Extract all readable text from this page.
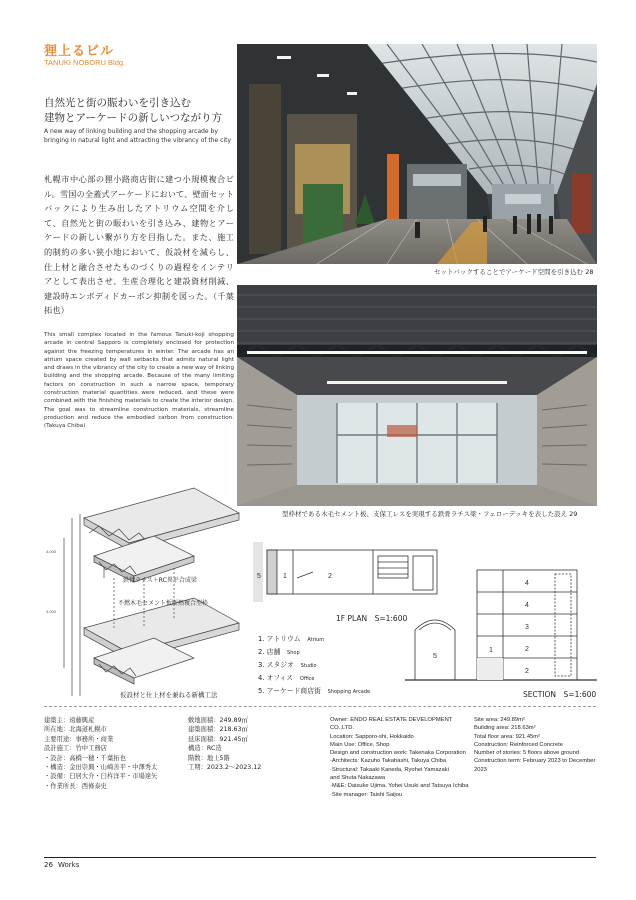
狸上るビル
TANUKI NOBORU Bldg.
自然光と街の賑わいを引き込む
建物とアーケードの新しいつながり方
A new way of linking building and the shopping arcade by bringing in natural light and attracting the vibrancy of the city
札幌市中心部の狸小路商店街に建つ小規模複合ビル。雪国の全蓋式アーケードにおいて、壁面セットバックにより生み出したアトリウム空間を介して、自然光と街の賑わいを引き込み、建物とアーケードの新しい繋がり方を目指した。また、施工的制約の多い狭小地において、仮設材を減らし、仕上材と融合させたものづくりの過程をインテリアとして表出させ、生産合理化と建設資材削減、建設時エンボディドカーボン抑制を図った。（千葉 拓也）
This small complex located in the famous Tanuki-koji shopping arcade in central Sapporo is completely enclosed for protection against the freezing temperatures in winter. The arcade has an atrium space created by wall setbacks that admits natural light and draws in the vibrancy of the city to create a new way of linking building and the shopping arcade. Because of the many limiting factors on construction in such a narrow space, temporary construction material quantities were reduced, and these were combined with the finishing materials to create the interior design. The goal was to streamline construction materials, streamline production and reduce the embodied carbon from construction. (Takuya Chiba)
セットバックすることでアーケード空間を引き込む 28
型枠材である木毛セメント板、支保工レスを実現する鉄骨ラチス梁・フェローデッキを表した設え 29
4,000
4,000
鉄骨ラチス＋RC異平合成梁
不燃木毛セメント板断熱複合型枠
仮設材と仕上材を兼ねる新構工法
5	1	2
1F PLAN　S=1:600
1. アトリウム　 Atrium
2. 店舗　 Shop
3. スタジオ　 Studio
4. オフィス　 Office
5. アーケード商店街　 Shopping Arcade
4
4
3
2
2
1
5
SECTION　S=1:600
建築主：遠藤興産
所在地：北海道札幌市
主要用途：事務所・商業
設計施工：竹中工務店
・設計：高橋一穂・千葉拓也
・構造：金田崇興・山崎善平・中澤秀太
・設備：臼居大介・臼杵洋平・市場達矢
・作業所長：西條泰史
敷地面積：249.89㎡
建築面積：218.63㎡
延床面積：921.45㎡
構造：RC造
階数：地上5階
工期：2023.2〜2023.12
Owner: ENDO REAL ESTATE DEVELOPMENT CO.,LTD.
Location: Sapporo-shi, Hokkaido
Main Use: Office, Shop
Design and construction work: Takenaka Corporation
·Architects: Kazuho Takahashi, Takuya Chiba
·Structural: Takaaki Kaneda, Ryohei Yamazaki
and Shuta Nakazawa
·M&E: Daisuke Ujima, Yohei Usuki and Tatsuya Ichiba
·Site manager: Taishi Saijou
Site area: 249.89m²
Building area: 218.63m²
Total floor area: 921.45m²
Construction: Reinforced Concrete
Number of stories: 5 floors above ground
Construction term: February 2023 to December 2023
26 Works
